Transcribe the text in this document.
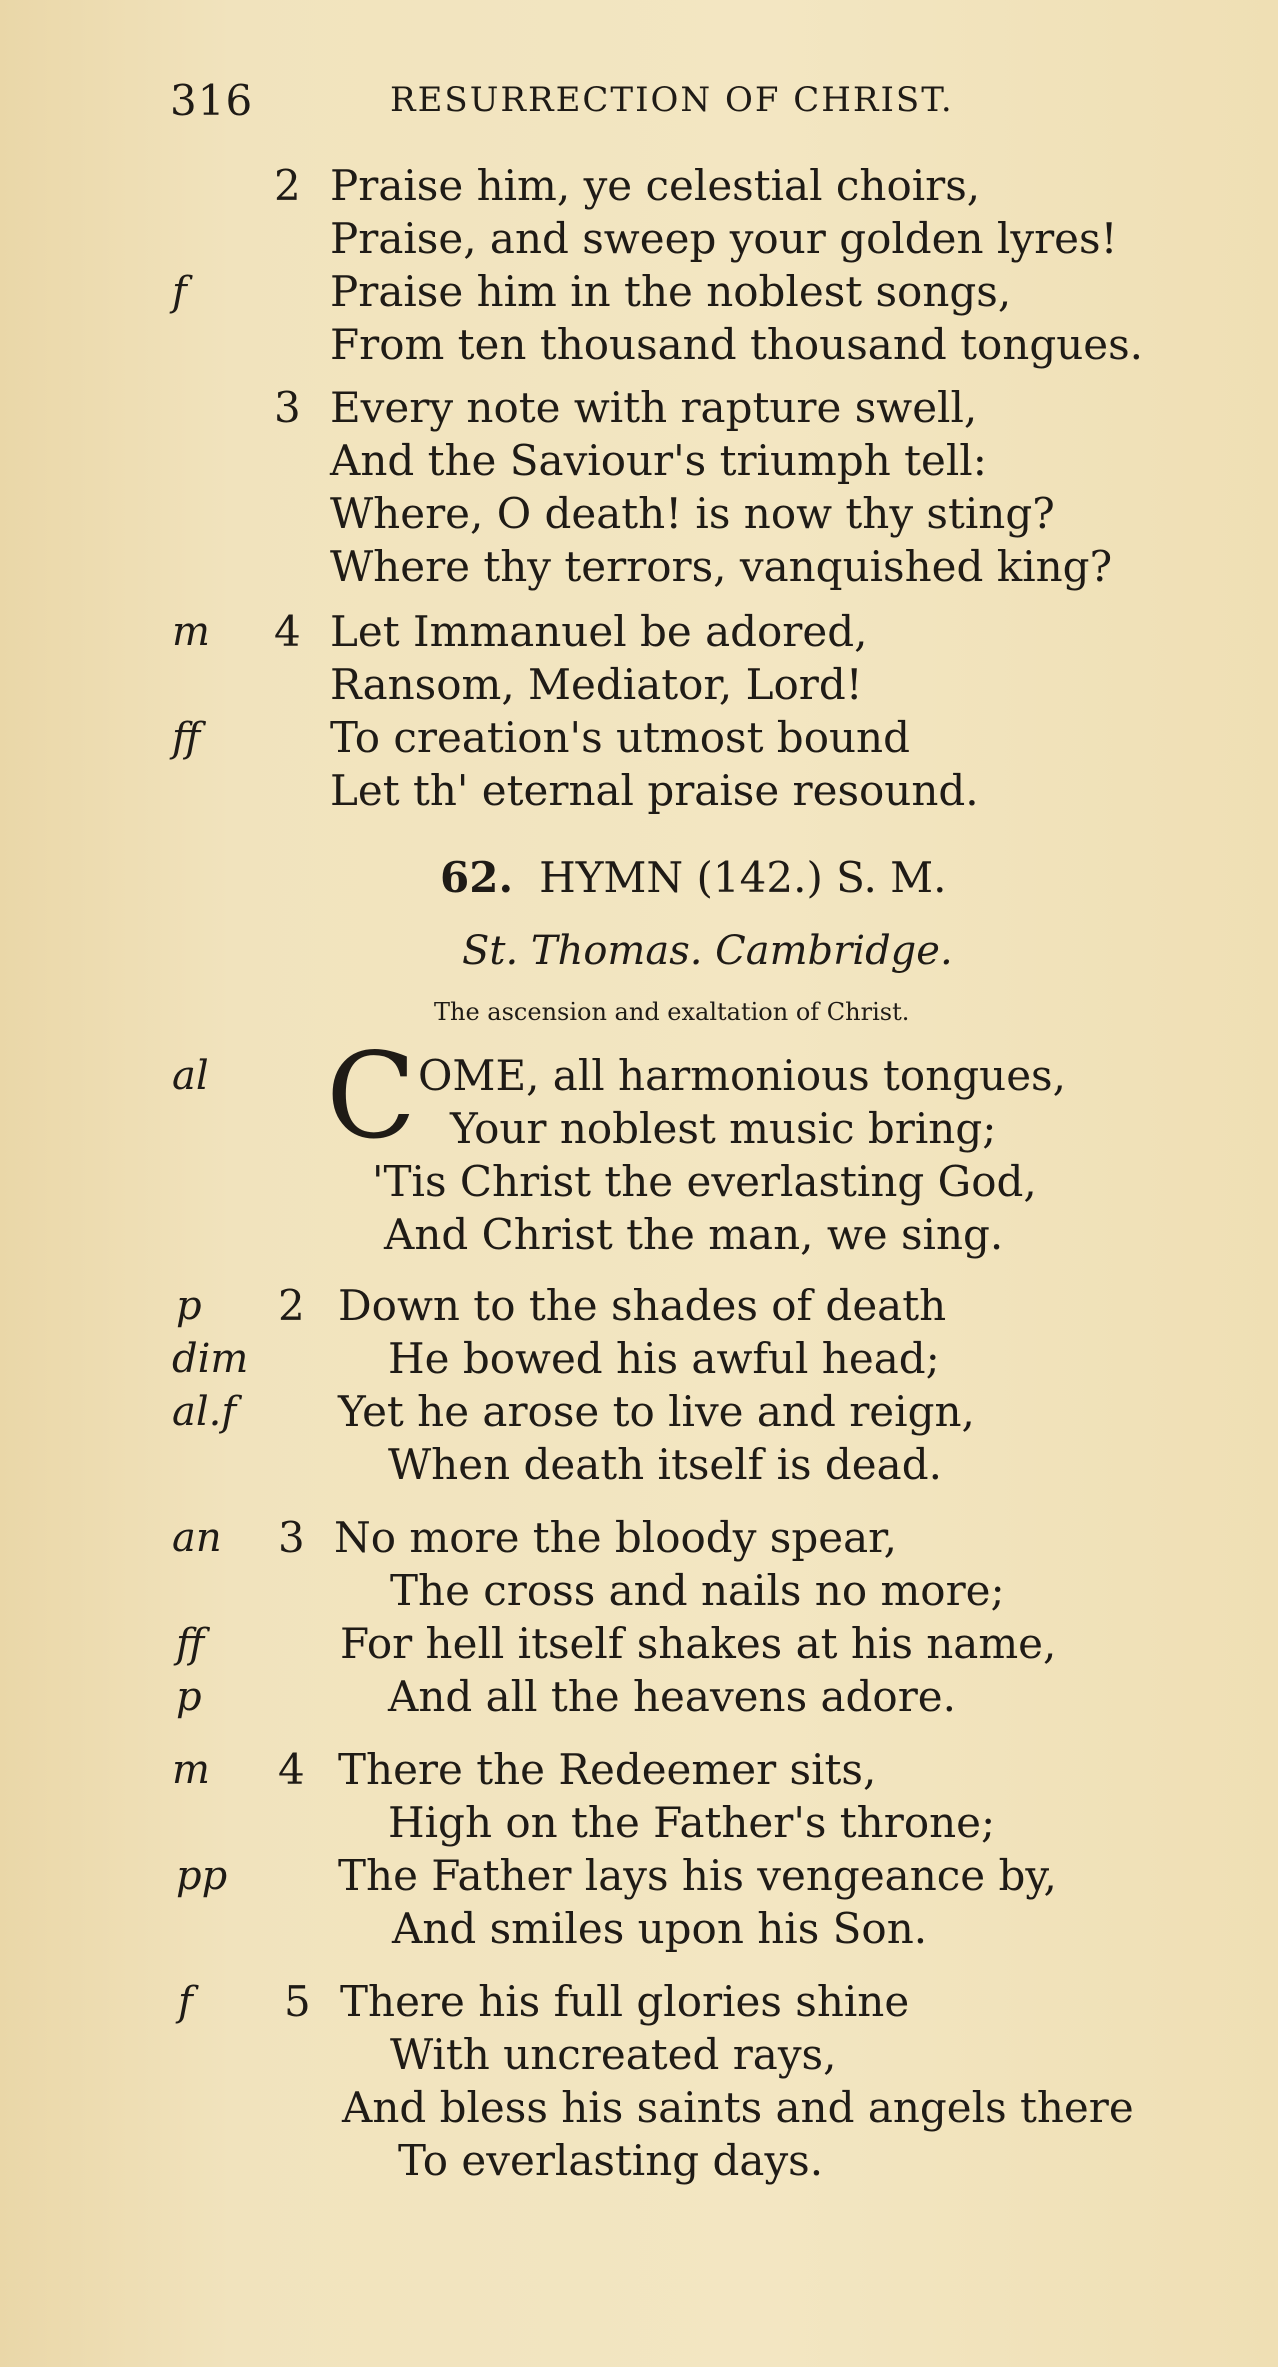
316	RESURRECTION OF CHRIST.
2 Praise him, ye celestial choirs,
Praise, and sweep your golden lyres!
f	Praise him in the noblest songs,
From ten thousand thousand tongues.
3 Every note with rapture swell,
And the Saviour's triumph tell:
Where, O death! is now thy sting?
Where thy terrors, vanquished king?
m 4 Let Immanuel be adored,
Ransom, Mediator, Lord!
ff	To creation's utmost bound
Let th' eternal praise resound.
62. HYMN (142.) S. M.
St. Thomas. Cambridge.
The ascension and exaltation of Christ.
al C OME, all harmonious tongues,
Your noblest music bring;
'Tis Christ the everlasting God,
And Christ the man, we sing.
p 2 Down to the shades of death
dim	He bowed his awful head;
al.f Yet he arose to live and reign,
When death itself is dead.
an 3 No more the bloody spear,
The cross and nails no more;
ff	For hell itself shakes at his name,
p	And all the heavens adore.
m 4 There the Redeemer sits,
High on the Father's throne;
pp	The Father lays his vengeance by,
And smiles upon his Son.
f 5 There his full glories shine
With uncreated rays,
And bless his saints and angels there
To everlasting days.
